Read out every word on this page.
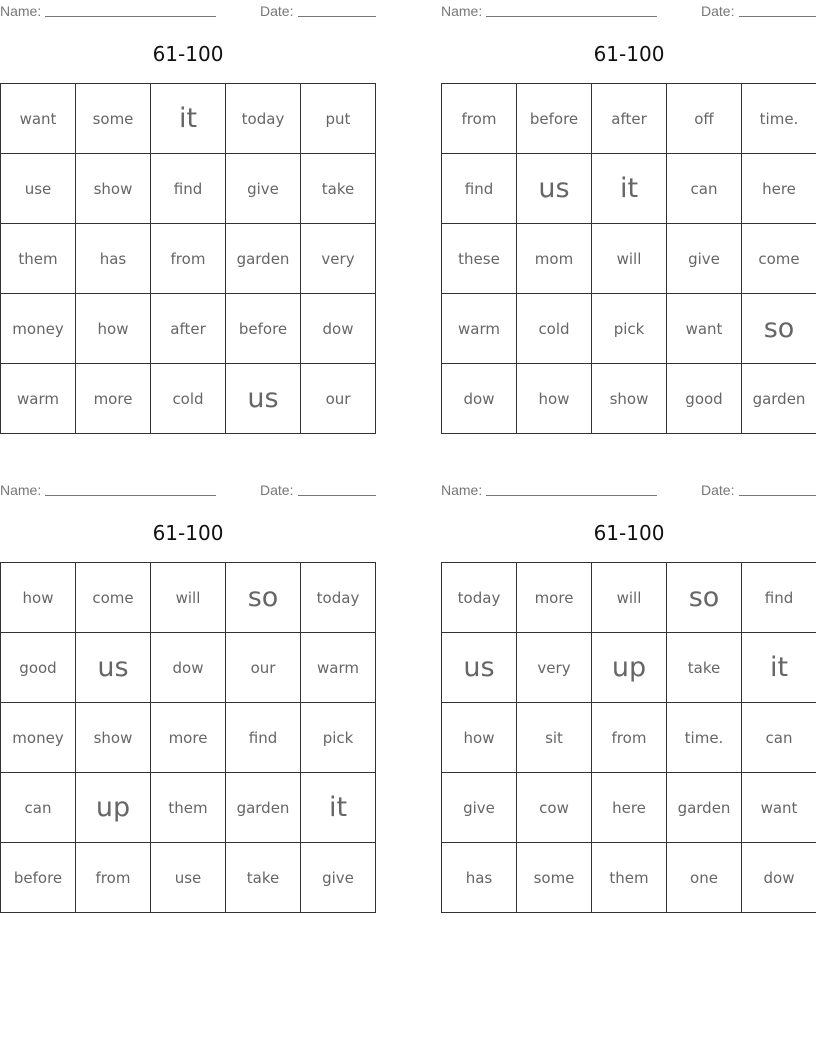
Name:	Date:
61-100
want	some	it	today	put
use	show	find	give	take
them	has	from	garden	very
money	how	after	before	dow
warm	more	cold	us	our
Name:	Date:
61-100
from	before	after	off	time.
find	us	it	can	here
these	mom	will	give	come
warm	cold	pick	want	so
dow	how	show	good	garden
Name:	Date:
61-100
how	come	will	so	today
good	us	dow	our	warm
money	show	more	find	pick
can	up	them	garden	it
before	from	use	take	give
Name:	Date:
61-100
today	more	will	so	find
us	very	up	take	it
how	sit	from	time.	can
give	cow	here	garden	want
has	some	them	one	dow
